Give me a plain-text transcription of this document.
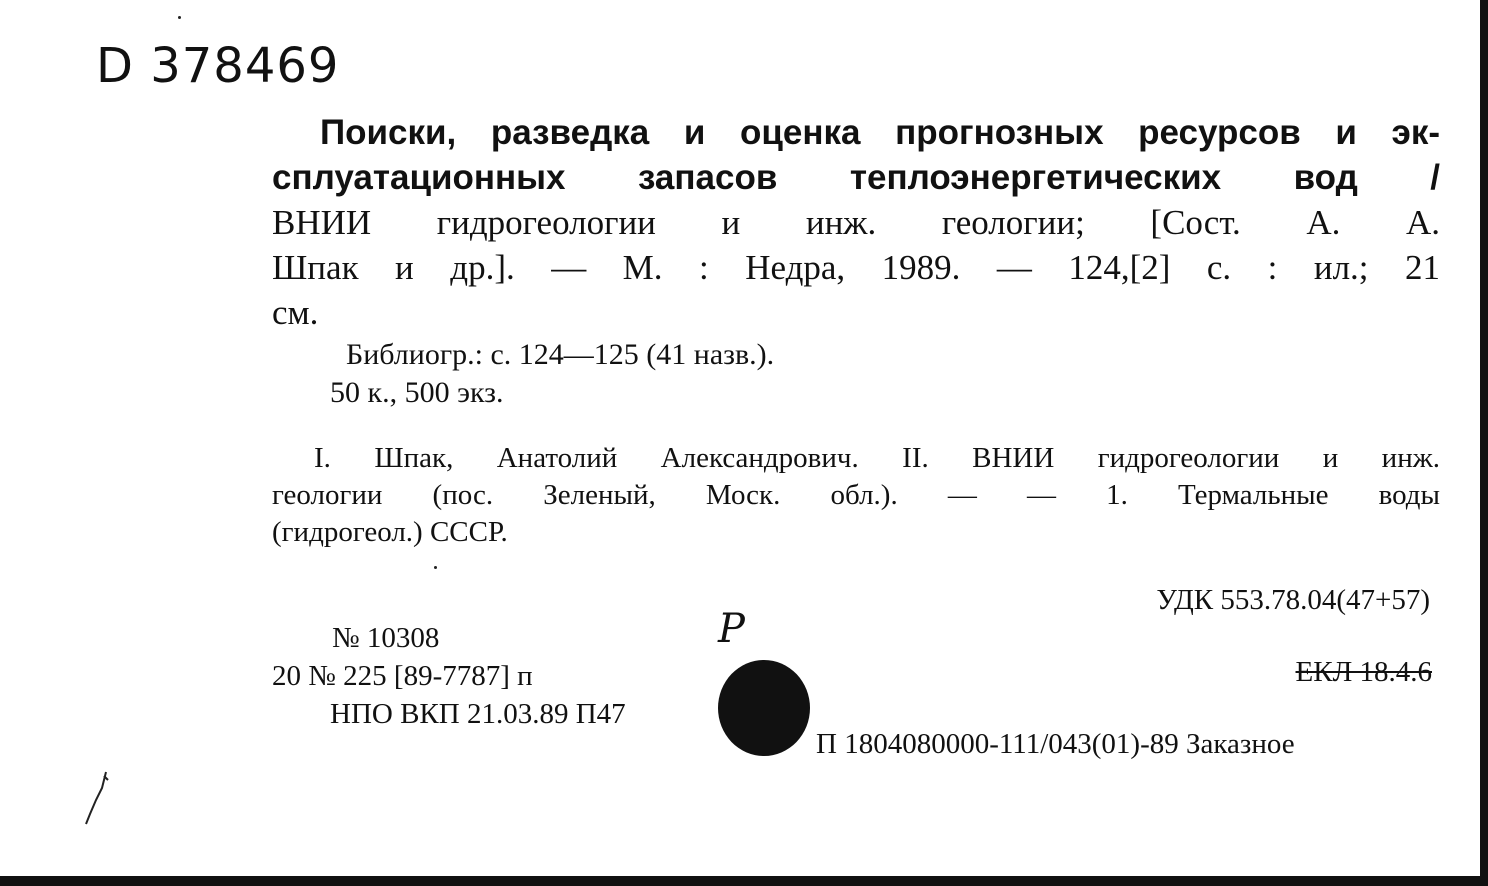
D 378469
Поиски, разведка и оценка прогнозных ресурсов и эк-
сплуатационных запасов теплоэнергетических вод /
ВНИИ гидрогеологии и инж. геологии; [Сост. А. А.
Шпак и др.]. — М. : Недра, 1989. — 124,[2] с. : ил.; 21
см.
Библиогр.: с. 124—125 (41 назв.).
50 к., 500 экз.
I. Шпак, Анатолий Александрович. II. ВНИИ гидрогеологии и инж.
геологии (пос. Зеленый, Моск. обл.). — — 1. Термальные воды
(гидрогеол.) СССР.
УДК 553.78.04(47+57)
№ 10308
20 № 225 [89-7787] п
НПО ВКП 21.03.89 П47
P
ЕКЛ 18.4.6
П 1804080000-111/043(01)-89 Заказное
